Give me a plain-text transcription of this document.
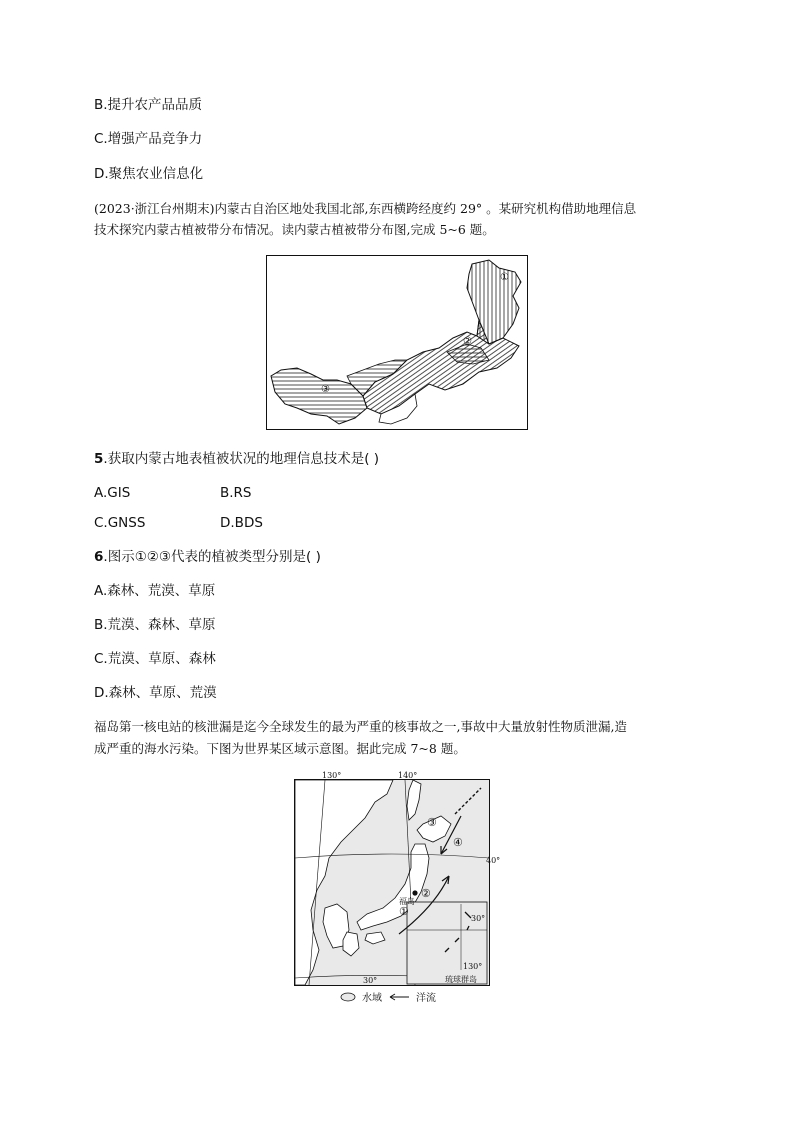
B.提升农产品品质
C.增强产品竞争力
D.聚焦农业信息化
(2023·浙江台州期末)内蒙古自治区地处我国北部,东西横跨经度约 29° 。某研究机构借助地理信息
技术探究内蒙古植被带分布情况。读内蒙古植被带分布图,完成 5~6 题。
①
②
③
5.获取内蒙古地表植被状况的地理信息技术是( )
A.GIS	B.RS
C.GNSS	D.BDS
6.图示①②③代表的植被类型分别是( )
A.森林、荒漠、草原
B.荒漠、森林、草原
C.荒漠、草原、森林
D.森林、草原、荒漠
福岛第一核电站的核泄漏是迄今全球发生的最为严重的核事故之一,事故中大量放射性物质泄漏,造
成严重的海水污染。下图为世界某区域示意图。据此完成 7~8 题。
130°	140°
40°
30°
30°
130°
福岛
①
②
③
④
琉球群岛
水域	洋流
